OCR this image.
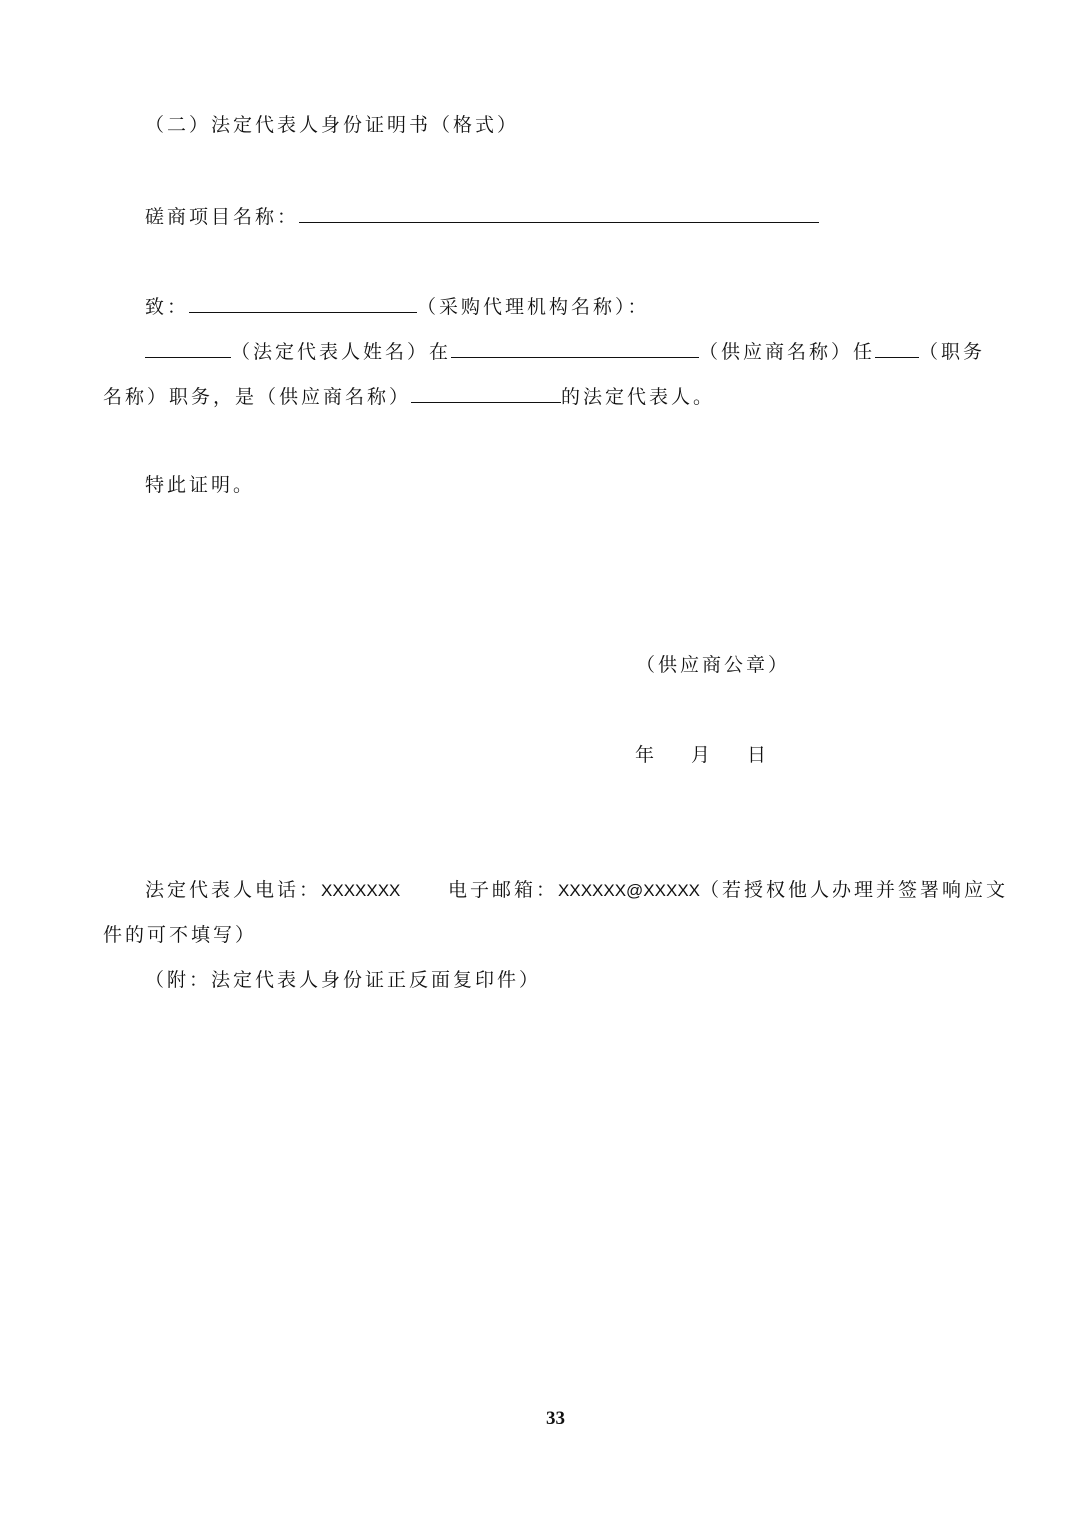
（二）法定代表人身份证明书（格式）
磋商项目名称：
致：	（采购代理机构名称）：
（法定代表人姓名）在	（供应商名称）任 （职务
名称）职务，是（供应商名称）	的法定代表人。
特此证明。
（供应商公章）
年 月 日
法定代表人电话：XXXXXXX	电子邮箱：XXXXXX@XXXXX（若授权他人办理并签署响应文
件的可不填写）
（附：法定代表人身份证正反面复印件）
33
